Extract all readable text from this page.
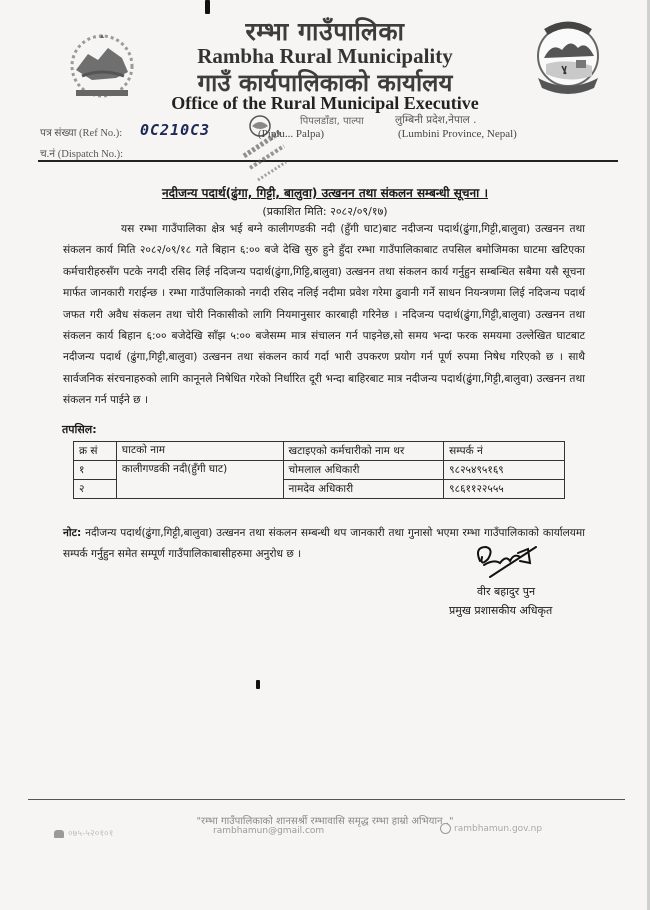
रम्भा गाउँपालिका
Rambha Rural Municipality
गाउँ कार्यपालिकाको कार्यालय
Office of the Rural Municipal Executive
पिपलडाँडा, पाल्पा
(Piplu... Palpa)
लुम्बिनी प्रदेश,नेपाल .
(Lumbini Province, Nepal)
पत्र संख्या (Ref No.): 0C210C3
च.नं (Dispatch No.):
नदीजन्य पदार्थ(ढुंगा, गिट्टी, बालुवा) उत्खनन तथा संकलन सम्बन्धी सूचना ।
(प्रकाशित मिति: २०८२/०९/१७)
यस रम्भा गाउँपालिका क्षेत्र भई बग्ने कालीगण्डकी नदी (हुँगी घाट)बाट नदीजन्य पदार्थ(ढुंगा,गिट्टी,बालुवा) उत्खनन तथा संकलन कार्य मिति २०८२/०९/१८ गते बिहान ६:०० बजे देखि सुरु हुने हुँदा रम्भा गाउँपालिकाबाट तपसिल बमोजिमका घाटमा खटिएका कर्मचारीहरुसँग पटके नगदी रसिद लिई नदिजन्य पदार्थ(ढुंगा,गिट्टि,बालुवा) उत्खनन तथा संकलन कार्य गर्नुहुन सम्बन्धित सबैमा यसै सूचना मार्फत जानकारी गराईन्छ । रम्भा गाउँपालिकाको नगदी रसिद नलिई नदीमा प्रवेश गरेमा ढुवानी गर्ने साधन नियन्त्रणमा लिई नदिजन्य पदार्थ जफत गरी अवैध संकलन तथा चोरी निकासीको लागि नियमानुसार कारबाही गरिनेछ । नदिजन्य पदार्थ(ढुंगा,गिट्टी,बालुवा) उत्खनन तथा संकलन कार्य बिहान ६:०० बजेदेखि साँझ ५:०० बजेसम्म मात्र संचालन गर्न पाइनेछ,सो समय भन्दा फरक समयमा उल्लेखित घाटबाट नदीजन्य पदार्थ (ढुंगा,गिट्टी,बालुवा) उत्खनन तथा संकलन कार्य गर्दा भारी उपकरण प्रयोग गर्न पूर्ण रुपमा निषेध गरिएको छ । साथै सार्वजनिक संरचनाहरुको लागि कानूनले निषेधित गरेको निर्धारित दूरी भन्दा बाहिरबाट मात्र नदीजन्य पदार्थ(ढुंगा,गिट्टी,बालुवा) उत्खनन तथा संकलन गर्न पाईने छ ।
तपसिल:
क्र सं	घाटको नाम	खटाइएको कर्मचारीको नाम थर	सम्पर्क नं
१	कालीगण्डकी नदी(हुँगी घाट)	चोमलाल अधिकारी	९८२५४९५१६९
२		नामदेव अधिकारी	९८६११२२५५५
नोट: नदीजन्य पदार्थ(ढुंगा,गिट्टी,बालुवा) उत्खनन तथा संकलन सम्बन्धी थप जानकारी तथा गुनासो भएमा रम्भा गाउँपालिकाको कार्यालयमा सम्पर्क गर्नुहुन समेत सम्पूर्ण गाउँपालिकाबासीहरुमा अनुरोध छ ।
वीर बहादुर पुन
प्रमुख प्रशासकीय अधिकृत
"रम्भा गाउँपालिकाको शानसर्श्री रम्भावासि समृद्ध रम्भा हाम्रो अभियान ."
०७५-५२०१०१	rambhamun@gmail.com	rambhamun.gov.np
